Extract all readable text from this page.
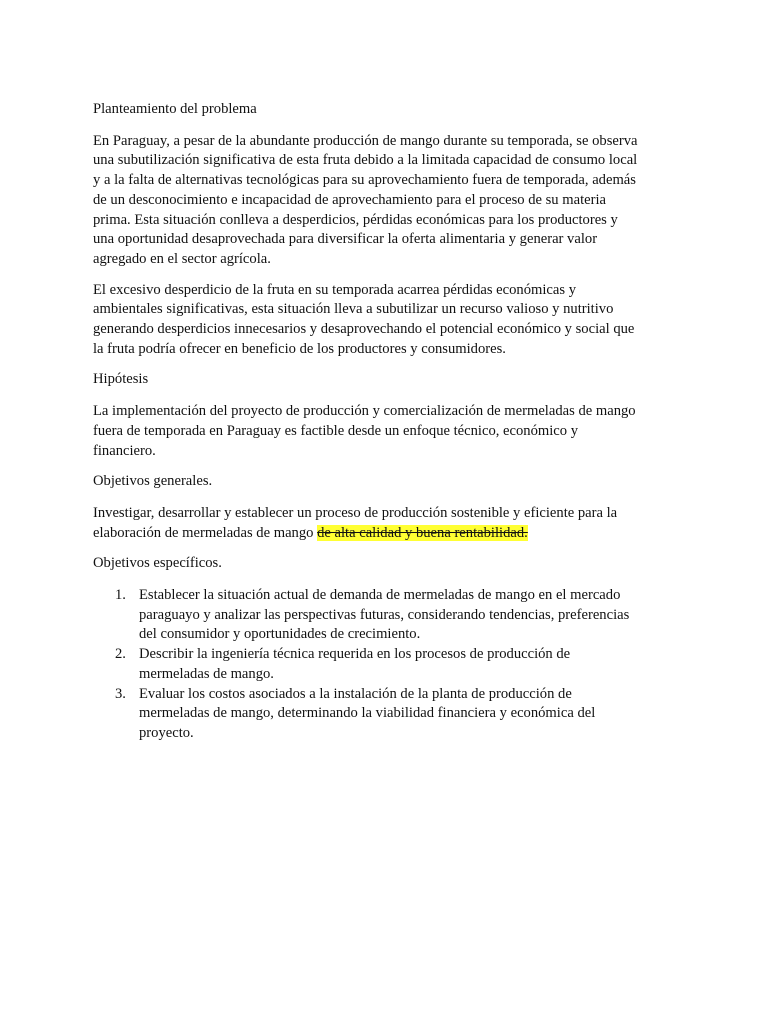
Planteamiento del problema

En Paraguay, a pesar de la abundante producción de mango durante su temporada, se observa
una subutilización significativa de esta fruta debido a la limitada capacidad de consumo local
y a la falta de alternativas tecnológicas para su aprovechamiento fuera de temporada, además
de un desconocimiento e incapacidad de aprovechamiento para el proceso de su materia
prima. Esta situación conlleva a desperdicios, pérdidas económicas para los productores y
una oportunidad desaprovechada para diversificar la oferta alimentaria y generar valor
agregado en el sector agrícola.

El excesivo desperdicio de la fruta en su temporada acarrea pérdidas económicas y
ambientales significativas, esta situación lleva a subutilizar un recurso valioso y nutritivo
generando desperdicios innecesarios y desaprovechando el potencial económico y social que
la fruta podría ofrecer en beneficio de los productores y consumidores.

Hipótesis

La implementación del proyecto de producción y comercialización de mermeladas de mango
fuera de temporada en Paraguay es factible desde un enfoque técnico, económico y
financiero.

Objetivos generales.

Investigar, desarrollar y establecer un proceso de producción sostenible y eficiente para la
elaboración de mermeladas de mango de alta calidad y buena rentabilidad.

Objetivos específicos.

1. Establecer la situación actual de demanda de mermeladas de mango en el mercado
paraguayo y analizar las perspectivas futuras, considerando tendencias, preferencias
del consumidor y oportunidades de crecimiento.
2. Describir la ingeniería técnica requerida en los procesos de producción de
mermeladas de mango.
3. Evaluar los costos asociados a la instalación de la planta de producción de
mermeladas de mango, determinando la viabilidad financiera y económica del
proyecto.
